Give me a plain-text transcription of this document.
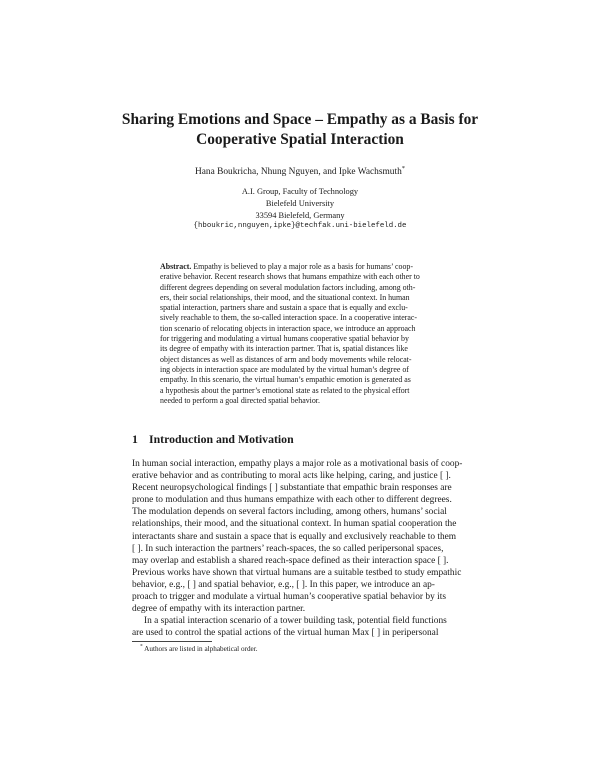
Sharing Emotions and Space – Empathy as a Basis for
Cooperative Spatial Interaction
Hana Boukricha, Nhung Nguyen, and Ipke Wachsmuth*
A.I. Group, Faculty of Technology
Bielefeld University
33594 Bielefeld, Germany
{hboukric,nnguyen,ipke}@techfak.uni-bielefeld.de
Abstract. Empathy is believed to play a major role as a basis for humans’ coop-
erative behavior. Recent research shows that humans empathize with each other to
different degrees depending on several modulation factors including, among oth-
ers, their social relationships, their mood, and the situational context. In human
spatial interaction, partners share and sustain a space that is equally and exclu-
sively reachable to them, the so-called interaction space. In a cooperative interac-
tion scenario of relocating objects in interaction space, we introduce an approach
for triggering and modulating a virtual humans cooperative spatial behavior by
its degree of empathy with its interaction partner. That is, spatial distances like
object distances as well as distances of arm and body movements while relocat-
ing objects in interaction space are modulated by the virtual human’s degree of
empathy. In this scenario, the virtual human’s empathic emotion is generated as
a hypothesis about the partner’s emotional state as related to the physical effort
needed to perform a goal directed spatial behavior.
1 Introduction and Motivation
In human social interaction, empathy plays a major role as a motivational basis of coop-
erative behavior and as contributing to moral acts like helping, caring, and justice [ ].
Recent neuropsychological findings [ ] substantiate that empathic brain responses are
prone to modulation and thus humans empathize with each other to different degrees.
The modulation depends on several factors including, among others, humans’ social
relationships, their mood, and the situational context. In human spatial cooperation the
interactants share and sustain a space that is equally and exclusively reachable to them
[ ]. In such interaction the partners’ reach-spaces, the so called peripersonal spaces,
may overlap and establish a shared reach-space defined as their interaction space [ ].
Previous works have shown that virtual humans are a suitable testbed to study empathic
behavior, e.g., [ ] and spatial behavior, e.g., [ ]. In this paper, we introduce an ap-
proach to trigger and modulate a virtual human’s cooperative spatial behavior by its
degree of empathy with its interaction partner.
In a spatial interaction scenario of a tower building task, potential field functions
are used to control the spatial actions of the virtual human Max [ ] in peripersonal
* Authors are listed in alphabetical order.
